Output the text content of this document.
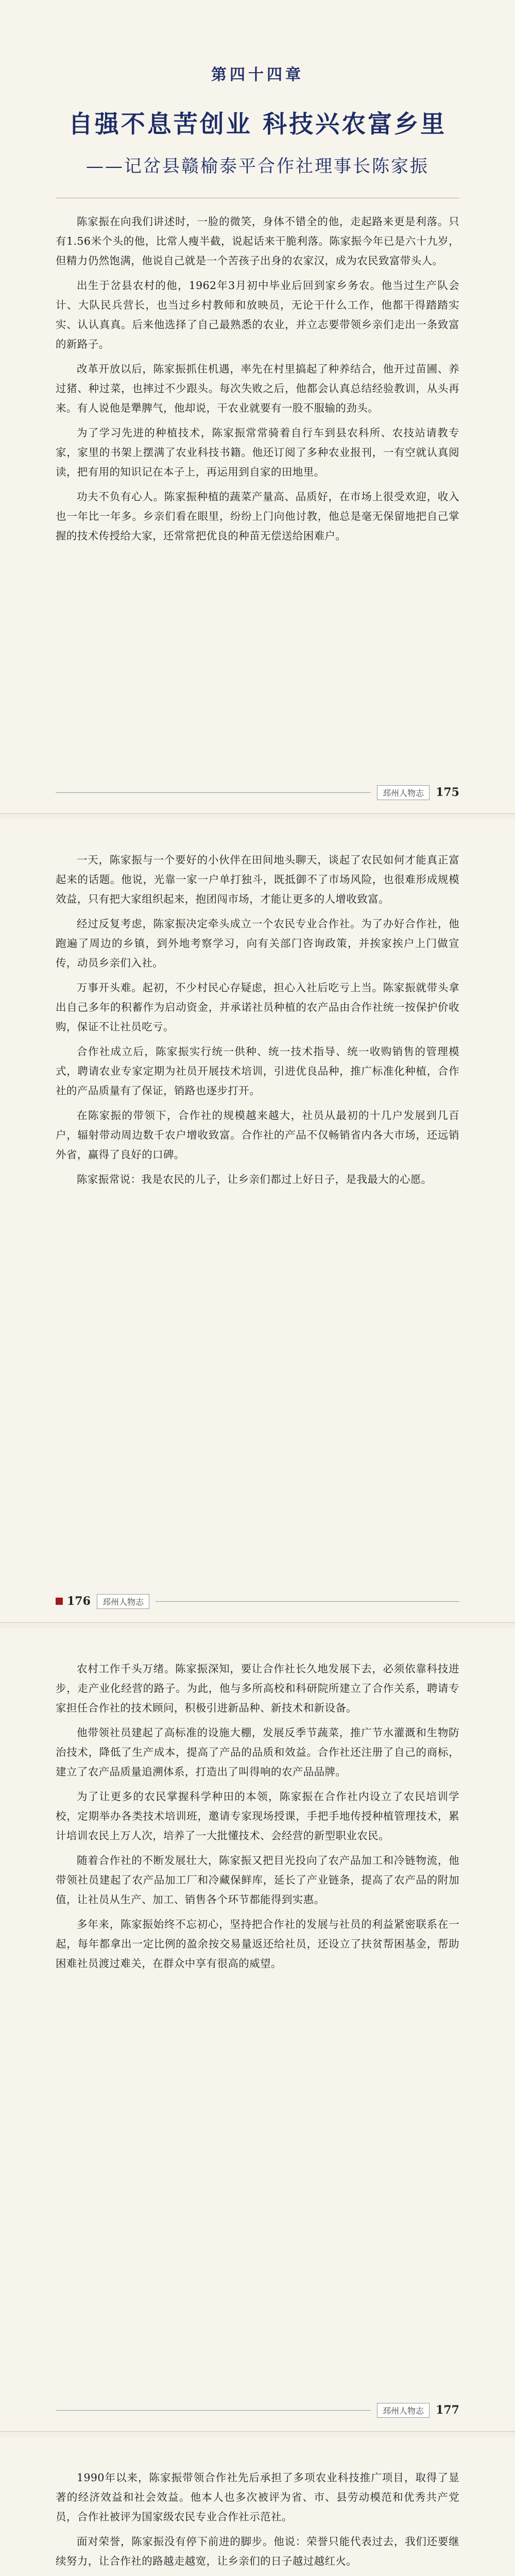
第四十四章
自强不息苦创业 科技兴农富乡里
——记岔县赣榆泰平合作社理事长陈家振

陈家振在向我们讲述时，一脸的微笑，身体不错全的他，走起路来更是利落。只有1.56米个头的他，比常人瘦半截，说起话来干脆利落。陈家振今年已是六十九岁，但精力仍然饱满，他说自己就是一个苦孩子出身的农家汉，成为农民致富带头人。

出生于岔县农村的他，1962年3月初中毕业后回到家乡务农。他当过生产队会计、大队民兵营长，也当过乡村教师和放映员，无论干什么工作，他都干得踏踏实实、认认真真。后来他选择了自己最熟悉的农业，并立志要带领乡亲们走出一条致富的新路子。

改革开放以后，陈家振抓住机遇，率先在村里搞起了种养结合，他开过苗圃、养过猪、种过菜，也摔过不少跟头。每次失败之后，他都会认真总结经验教训，从头再来。有人说他是犟脾气，他却说，干农业就要有一股不服输的劲头。

为了学习先进的种植技术，陈家振常常骑着自行车到县农科所、农技站请教专家，家里的书架上摆满了农业科技书籍。他还订阅了多种农业报刊，一有空就认真阅读，把有用的知识记在本子上，再运用到自家的田地里。

功夫不负有心人。陈家振种植的蔬菜产量高、品质好，在市场上很受欢迎，收入也一年比一年多。乡亲们看在眼里，纷纷上门向他讨教，他总是毫无保留地把自己掌握的技术传授给大家，还常常把优良的种苗无偿送给困难户。

邳州人物志	175

一天，陈家振与一个要好的小伙伴在田间地头聊天，谈起了农民如何才能真正富起来的话题。他说，光靠一家一户单打独斗，既抵御不了市场风险，也很难形成规模效益，只有把大家组织起来，抱团闯市场，才能让更多的人增收致富。

经过反复考虑，陈家振决定牵头成立一个农民专业合作社。为了办好合作社，他跑遍了周边的乡镇，到外地考察学习，向有关部门咨询政策，并挨家挨户上门做宣传，动员乡亲们入社。

万事开头难。起初，不少村民心存疑虑，担心入社后吃亏上当。陈家振就带头拿出自己多年的积蓄作为启动资金，并承诺社员种植的农产品由合作社统一按保护价收购，保证不让社员吃亏。

合作社成立后，陈家振实行统一供种、统一技术指导、统一收购销售的管理模式，聘请农业专家定期为社员开展技术培训，引进优良品种，推广标准化种植，合作社的产品质量有了保证，销路也逐步打开。

在陈家振的带领下，合作社的规模越来越大，社员从最初的十几户发展到几百户，辐射带动周边数千农户增收致富。合作社的产品不仅畅销省内各大市场，还远销外省，赢得了良好的口碑。

陈家振常说：我是农民的儿子，让乡亲们都过上好日子，是我最大的心愿。

176	邳州人物志

农村工作千头万绪。陈家振深知，要让合作社长久地发展下去，必须依靠科技进步，走产业化经营的路子。为此，他与多所高校和科研院所建立了合作关系，聘请专家担任合作社的技术顾问，积极引进新品种、新技术和新设备。

他带领社员建起了高标准的设施大棚，发展反季节蔬菜，推广节水灌溉和生物防治技术，降低了生产成本，提高了产品的品质和效益。合作社还注册了自己的商标，建立了农产品质量追溯体系，打造出了叫得响的农产品品牌。

为了让更多的农民掌握科学种田的本领，陈家振在合作社内设立了农民培训学校，定期举办各类技术培训班，邀请专家现场授课，手把手地传授种植管理技术，累计培训农民上万人次，培养了一大批懂技术、会经营的新型职业农民。

随着合作社的不断发展壮大，陈家振又把目光投向了农产品加工和冷链物流，他带领社员建起了农产品加工厂和冷藏保鲜库，延长了产业链条，提高了农产品的附加值，让社员从生产、加工、销售各个环节都能得到实惠。

多年来，陈家振始终不忘初心，坚持把合作社的发展与社员的利益紧密联系在一起，每年都拿出一定比例的盈余按交易量返还给社员，还设立了扶贫帮困基金，帮助困难社员渡过难关，在群众中享有很高的威望。

邳州人物志	177

1990年以来，陈家振带领合作社先后承担了多项农业科技推广项目，取得了显著的经济效益和社会效益。他本人也多次被评为省、市、县劳动模范和优秀共产党员，合作社被评为国家级农民专业合作社示范社。

面对荣誉，陈家振没有停下前进的脚步。他说：荣誉只能代表过去，我们还要继续努力，让合作社的路越走越宽，让乡亲们的日子越过越红火。
